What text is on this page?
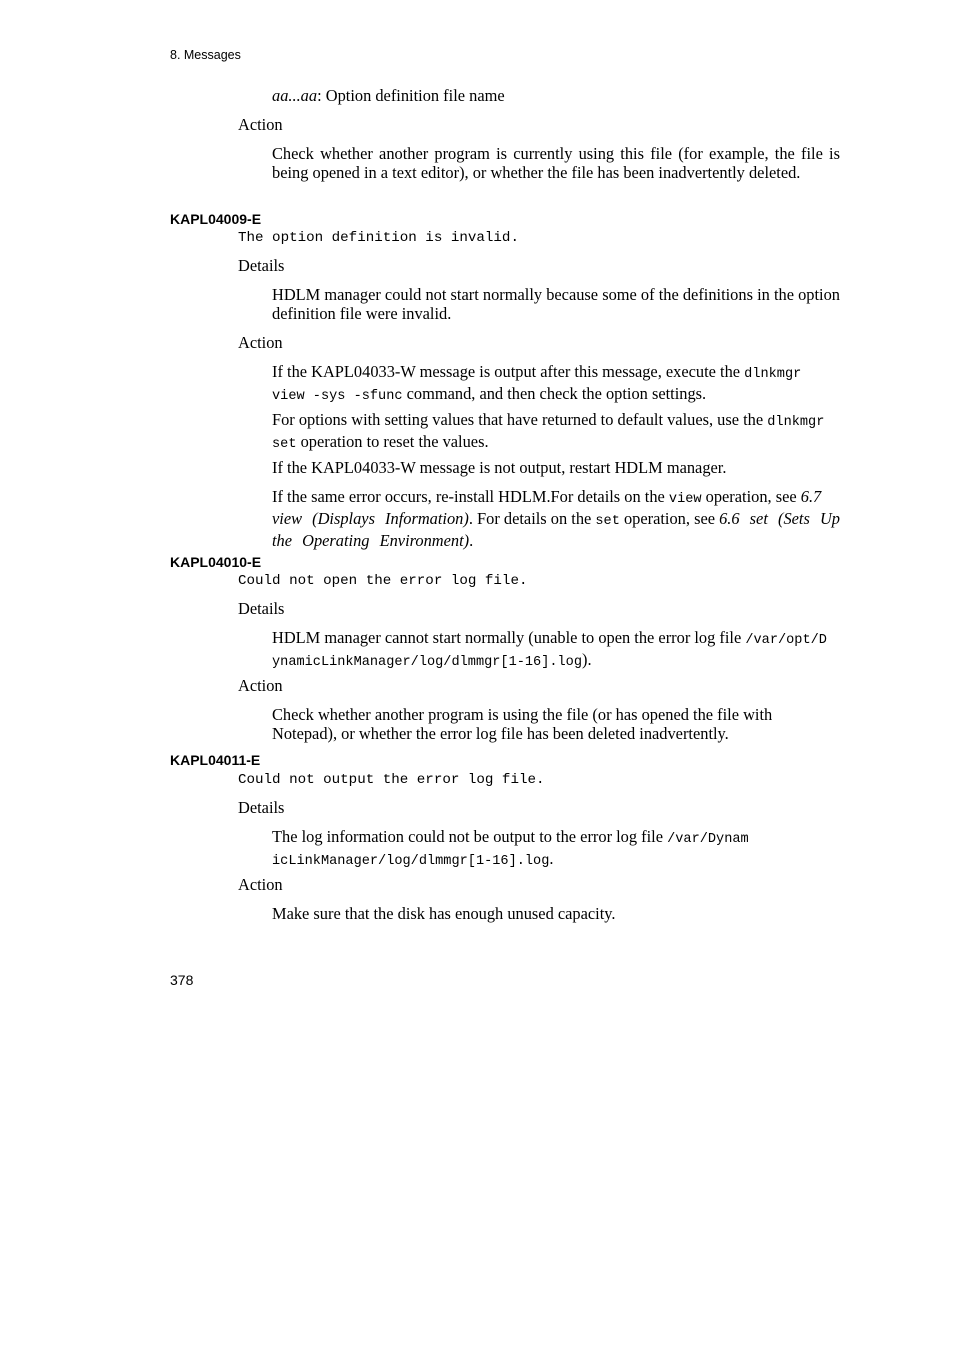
8. Messages
aa...aa: Option definition file name
Action
Check whether another program is currently using this file (for example, the file is being opened in a text editor), or whether the file has been inadvertently deleted.
KAPL04009-E
The option definition is invalid.
Details
HDLM manager could not start normally because some of the definitions in the option definition file were invalid.
Action
If the KAPL04033-W message is output after this message, execute the dlnkmgr view -sys -sfunc command, and then check the option settings.
For options with setting values that have returned to default values, use the dlnkmgr set operation to reset the values.
If the KAPL04033-W message is not output, restart HDLM manager.
If the same error occurs, re-install HDLM.For details on the view operation, see 6.7 view (Displays Information). For details on the set operation, see 6.6 set (Sets Up the Operating Environment).
KAPL04010-E
Could not open the error log file.
Details
HDLM manager cannot start normally (unable to open the error log file /var/opt/DynamicLinkManager/log/dlmmgr[1-16].log).
Action
Check whether another program is using the file (or has opened the file with Notepad), or whether the error log file has been deleted inadvertently.
KAPL04011-E
Could not output the error log file.
Details
The log information could not be output to the error log file /var/DynamicLinkManager/log/dlmmgr[1-16].log.
Action
Make sure that the disk has enough unused capacity.
378
